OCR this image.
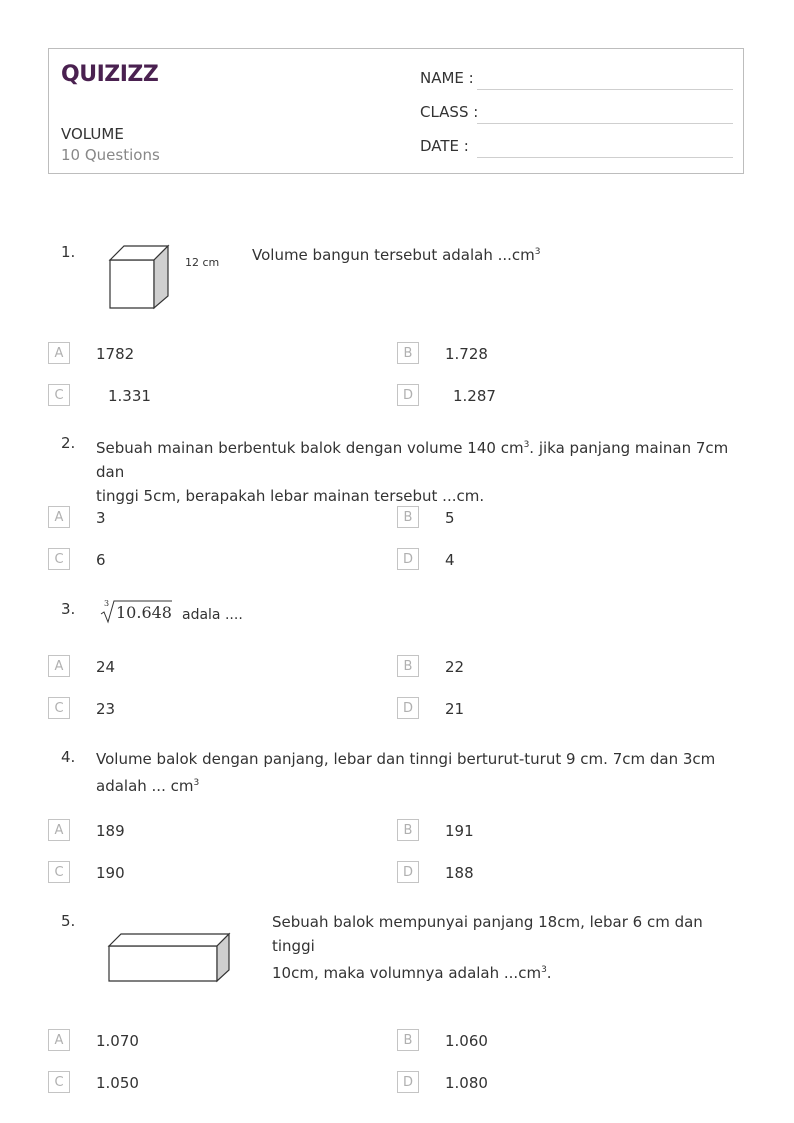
QUIZIZZ
VOLUME
10 Questions
NAME :
CLASS :
DATE :
1.
12 cm Volume bangun tersebut adalah $...cm^3$
A	1782	B	1.728
C	1.331	D	1.287
2. Sebuah mainan berbentuk balok dengan volume 140 $cm^3$. jika panjang mainan 7cm dan
tinggi 5cm, berapakah lebar mainan tersebut ...cm.
A	3	B	5
C	6	D	4
3.	3 10.648 adala ....
A	24	B	22
C	23	D	21
4. Volume balok dengan panjang, lebar dan tinngi berturut-turut 9 cm. 7cm dan 3cm
adalah ... $cm^3$
A	189	B	191
C	190	D	188
5.	Sebuah balok mempunyai panjang 18cm, lebar 6 cm dan tinggi
10cm, maka volumnya adalah $...cm^3$.
A	1.070	B	1.060
C	1.050	D	1.080
